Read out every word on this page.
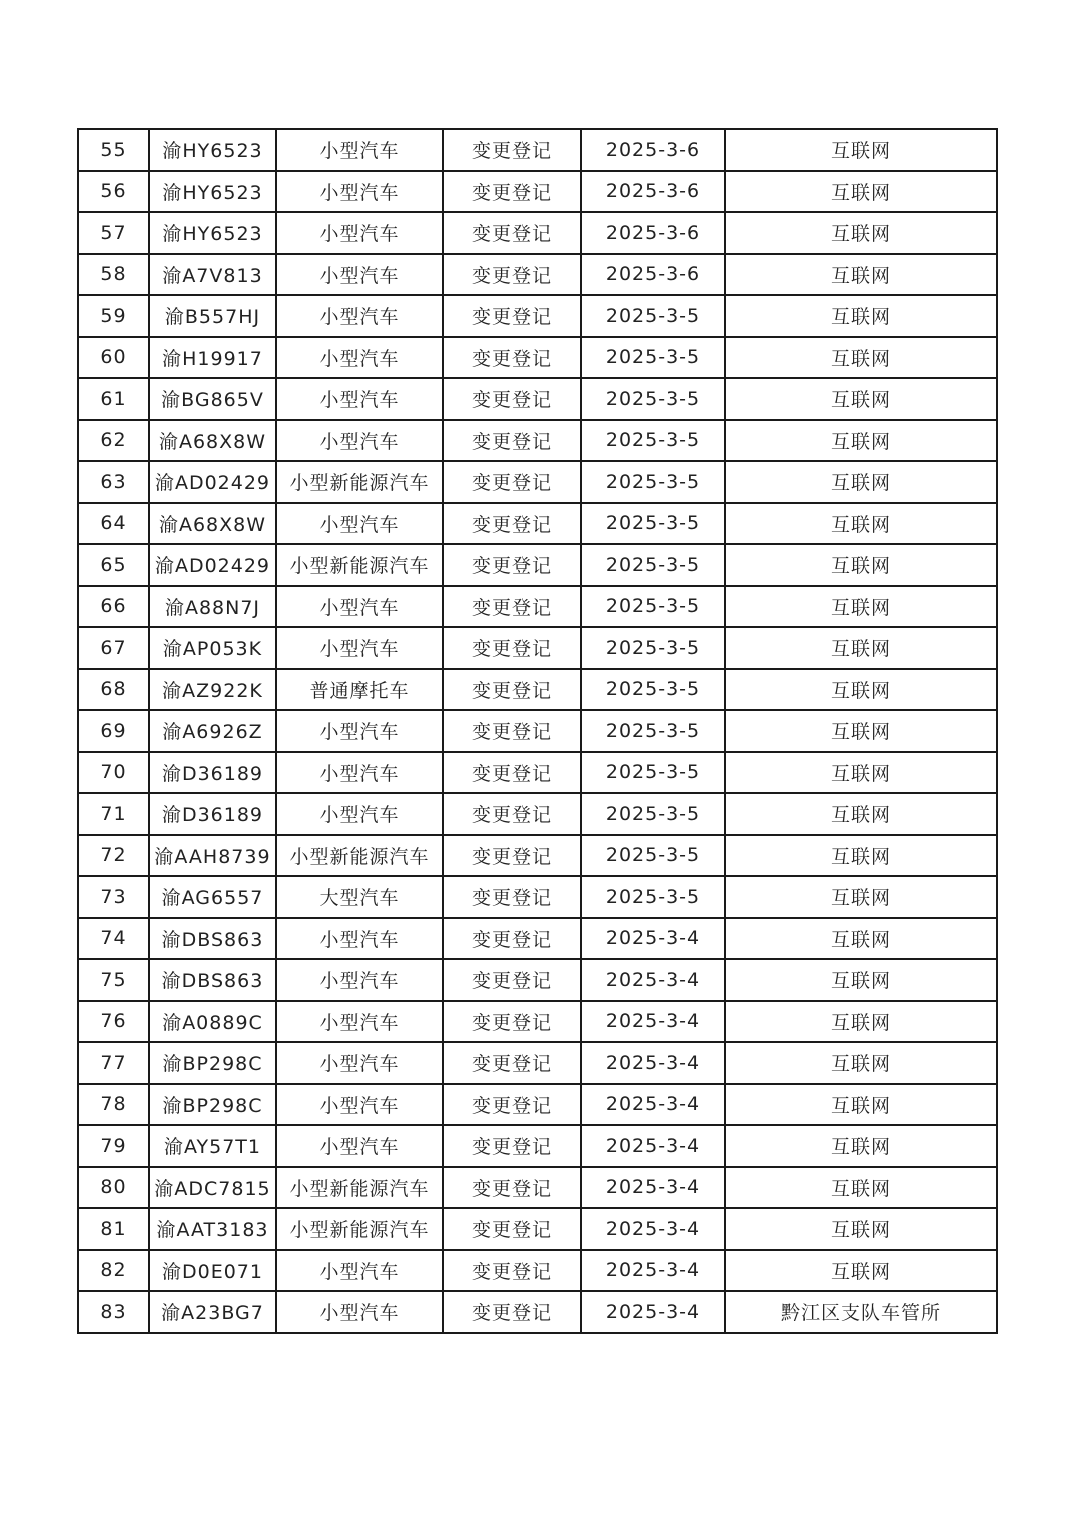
55	渝HY6523	小型汽车	变更登记	2025-3-6	互联网
56	渝HY6523	小型汽车	变更登记	2025-3-6	互联网
57	渝HY6523	小型汽车	变更登记	2025-3-6	互联网
58	渝A7V813	小型汽车	变更登记	2025-3-6	互联网
59	渝B557HJ	小型汽车	变更登记	2025-3-5	互联网
60	渝H19917	小型汽车	变更登记	2025-3-5	互联网
61	渝BG865V	小型汽车	变更登记	2025-3-5	互联网
62	渝A68X8W	小型汽车	变更登记	2025-3-5	互联网
63	渝AD02429	小型新能源汽车	变更登记	2025-3-5	互联网
64	渝A68X8W	小型汽车	变更登记	2025-3-5	互联网
65	渝AD02429	小型新能源汽车	变更登记	2025-3-5	互联网
66	渝A88N7J	小型汽车	变更登记	2025-3-5	互联网
67	渝AP053K	小型汽车	变更登记	2025-3-5	互联网
68	渝AZ922K	普通摩托车	变更登记	2025-3-5	互联网
69	渝A6926Z	小型汽车	变更登记	2025-3-5	互联网
70	渝D36189	小型汽车	变更登记	2025-3-5	互联网
71	渝D36189	小型汽车	变更登记	2025-3-5	互联网
72	渝AAH8739	小型新能源汽车	变更登记	2025-3-5	互联网
73	渝AG6557	大型汽车	变更登记	2025-3-5	互联网
74	渝DBS863	小型汽车	变更登记	2025-3-4	互联网
75	渝DBS863	小型汽车	变更登记	2025-3-4	互联网
76	渝A0889C	小型汽车	变更登记	2025-3-4	互联网
77	渝BP298C	小型汽车	变更登记	2025-3-4	互联网
78	渝BP298C	小型汽车	变更登记	2025-3-4	互联网
79	渝AY57T1	小型汽车	变更登记	2025-3-4	互联网
80	渝ADC7815	小型新能源汽车	变更登记	2025-3-4	互联网
81	渝AAT3183	小型新能源汽车	变更登记	2025-3-4	互联网
82	渝D0E071	小型汽车	变更登记	2025-3-4	互联网
83	渝A23BG7	小型汽车	变更登记	2025-3-4	黔江区支队车管所
